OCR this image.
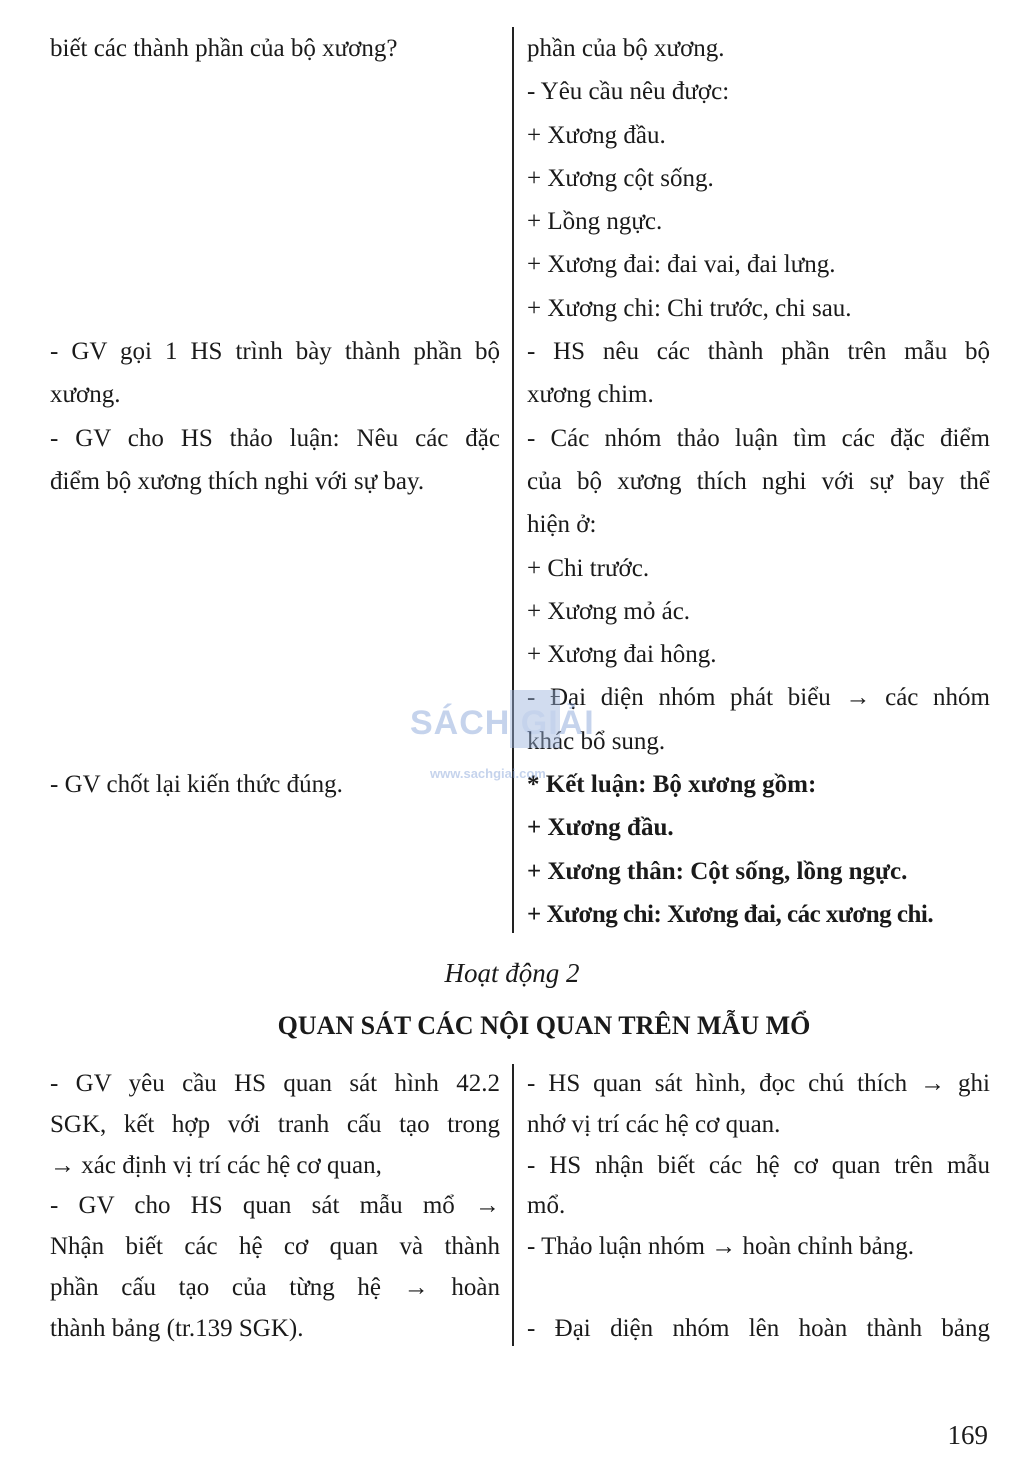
biết các thành phần của bộ xương?
- GV gọi 1 HS trình bày thành phần bộ
xương.
- GV cho HS thảo luận: Nêu các đặc
điểm bộ xương thích nghi với sự bay.
- GV chốt lại kiến thức đúng.
phần của bộ xương.
- Yêu cầu nêu được:
+ Xương đầu.
+ Xương cột sống.
+ Lồng ngực.
+ Xương đai: đai vai, đai lưng.
+ Xương chi: Chi trước, chi sau.
- HS nêu các thành phần trên mẫu bộ
xương chim.
- Các nhóm thảo luận tìm các đặc điểm
của bộ xương thích nghi với sự bay thể
hiện ở:
+ Chi trước.
+ Xương mỏ ác.
+ Xương đai hông.
- Đại diện nhóm phát biểu → các nhóm
khác bổ sung.
* Kết luận: Bộ xương gồm:
+ Xương đầu.
+ Xương thân: Cột sống, lồng ngực.
+ Xương chi: Xương đai, các xương chi.
SÁCH GIẢI
www.sachgiai.com
Hoạt động 2
QUAN SÁT CÁC NỘI QUAN TRÊN MẪU MỔ
- GV yêu cầu HS quan sát hình 42.2
SGK, kết hợp với tranh cấu tạo trong
→ xác định vị trí các hệ cơ quan,
- GV cho HS quan sát mẫu mổ →
Nhận biết các hệ cơ quan và thành
phần cấu tạo của từng hệ → hoàn
thành bảng (tr.139 SGK).
- HS quan sát hình, đọc chú thích → ghi
nhớ vị trí các hệ cơ quan.
- HS nhận biết các hệ cơ quan trên mẫu
mổ.
- Thảo luận nhóm → hoàn chỉnh bảng.
- Đại diện nhóm lên hoàn thành bảng
169
